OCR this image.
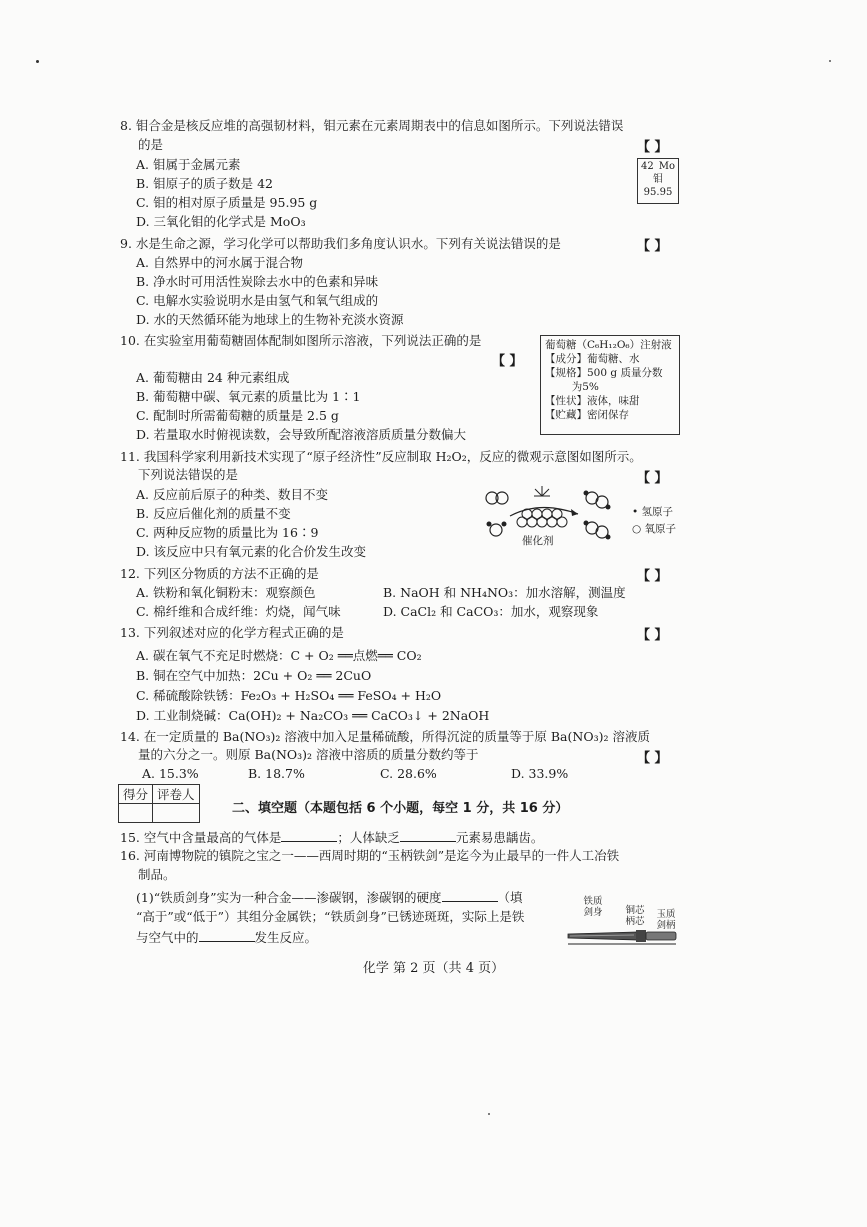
8. 钼合金是核反应堆的高强韧材料，钼元素在元素周期表中的信息如图所示。下列说法错误
的是	【 】
A. 钼属于金属元素
B. 钼原子的质子数是 42
C. 钼的相对原子质量是 95.95 g
D. 三氧化钼的化学式是 MoO₃
42 Mo
钼
95.95
9. 水是生命之源，学习化学可以帮助我们多角度认识水。下列有关说法错误的是	【 】
A. 自然界中的河水属于混合物
B. 净水时可用活性炭除去水中的色素和异味
C. 电解水实验说明水是由氢气和氧气组成的
D. 水的天然循环能为地球上的生物补充淡水资源
10. 在实验室用葡萄糖固体配制如图所示溶液，下列说法正确的是
【 】
A. 葡萄糖由 24 种元素组成
B. 葡萄糖中碳、氧元素的质量比为 1∶1
C. 配制时所需葡萄糖的质量是 2.5 g
D. 若量取水时俯视读数，会导致所配溶液溶质质量分数偏大
葡萄糖（C₆H₁₂O₆）注射液
【成分】葡萄糖、水
【规格】500 g 质量分数
为5%
【性状】液体，味甜
【贮藏】密闭保存
11. 我国科学家利用新技术实现了“原子经济性”反应制取 H₂O₂，反应的微观示意图如图所示。
下列说法错误的是	【 】
A. 反应前后原子的种类、数目不变
B. 反应后催化剂的质量不变
C. 两种反应物的质量比为 16∶9
D. 该反应中只有氧元素的化合价发生改变
• 氢原子
○ 氧原子
催化剂
12. 下列区分物质的方法不正确的是	【 】
A. 铁粉和氧化铜粉末：观察颜色	B. NaOH 和 NH₄NO₃：加水溶解，测温度
C. 棉纤维和合成纤维：灼烧，闻气味	D. CaCl₂ 和 CaCO₃：加水，观察现象
13. 下列叙述对应的化学方程式正确的是	【 】
A. 碳在氧气不充足时燃烧：C + O₂ ══点燃══ CO₂
B. 铜在空气中加热：2Cu + O₂ ══ 2CuO
C. 稀硫酸除铁锈：Fe₂O₃ + H₂SO₄ ══ FeSO₄ + H₂O
D. 工业制烧碱：Ca(OH)₂ + Na₂CO₃ ══ CaCO₃↓ + 2NaOH
14. 在一定质量的 Ba(NO₃)₂ 溶液中加入足量稀硫酸，所得沉淀的质量等于原 Ba(NO₃)₂ 溶液质
量的六分之一。则原 Ba(NO₃)₂ 溶液中溶质的质量分数约等于	【 】
A. 15.3%	B. 18.7%	C. 28.6%	D. 33.9%
得分	评卷人

二、填空题（本题包括 6 个小题，每空 1 分，共 16 分）
15. 空气中含量最高的气体是	；人体缺乏	元素易患龋齿。
16. 河南博物院的镇院之宝之一——西周时期的“玉柄铁剑”是迄今为止最早的一件人工冶铁
制品。
(1)“铁质剑身”实为一种合金——渗碳钢，渗碳钢的硬度	（填
“高于”或“低于”）其组分金属铁；“铁质剑身”已锈迹斑斑，实际上是铁
与空气中的	发生反应。
铁质剑身 铜芯柄芯
玉质剑柄
化学 第 2 页（共 4 页）
